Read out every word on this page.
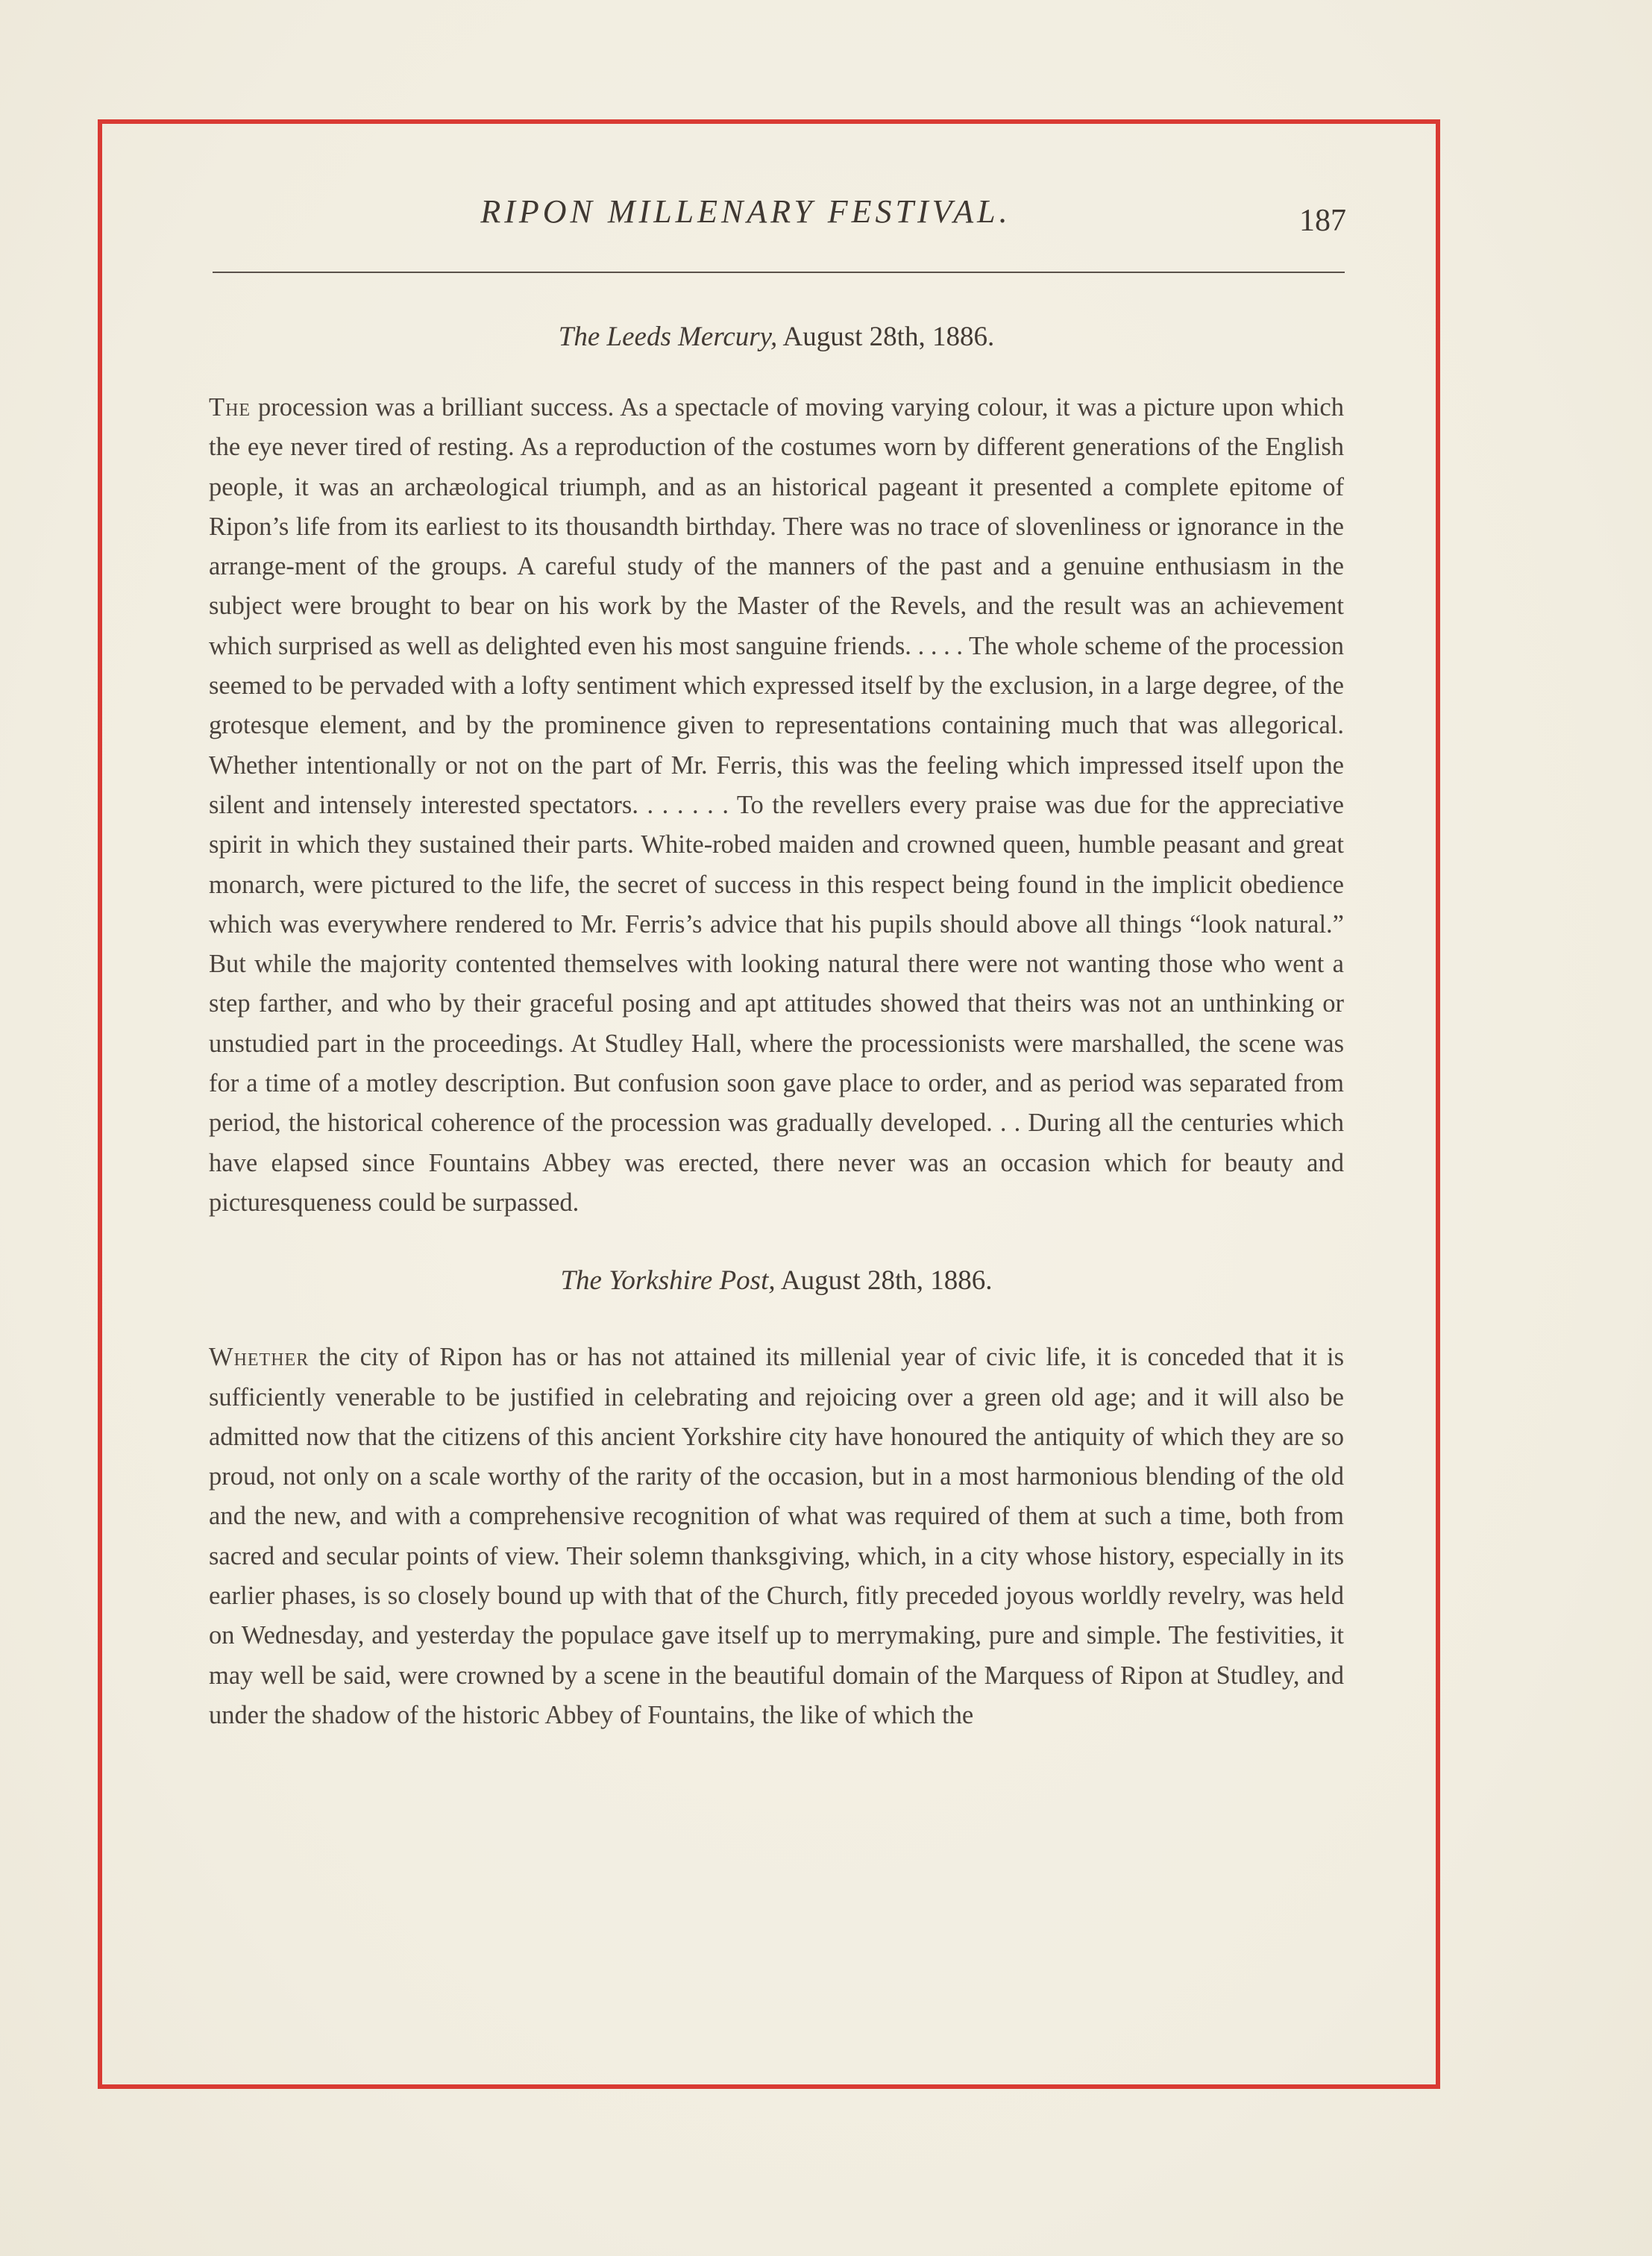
RIPON MILLENARY FESTIVAL.	187
The Leeds Mercury, August 28th, 1886.

The procession was a brilliant success. As a spectacle of moving varying colour, it was a picture upon which the eye never tired of resting. As a reproduction of the costumes worn by different generations of the English people, it was an archæological triumph, and as an historical pageant it presented a complete epitome of Ripon’s life from its earliest to its thousandth birthday. There was no trace of slovenliness or ignorance in the arrange-ment of the groups. A careful study of the manners of the past and a genuine enthusiasm in the subject were brought to bear on his work by the Master of the Revels, and the result was an achievement which surprised as well as delighted even his most sanguine friends. . . . . The whole scheme of the procession seemed to be pervaded with a lofty sentiment which expressed itself by the exclusion, in a large degree, of the grotesque element, and by the prominence given to representations containing much that was allegorical. Whether intentionally or not on the part of Mr. Ferris, this was the feeling which impressed itself upon the silent and intensely interested spectators. . . . . . . To the revellers every praise was due for the appreciative spirit in which they sustained their parts. White-robed maiden and crowned queen, humble peasant and great monarch, were pictured to the life, the secret of success in this respect being found in the implicit obedience which was everywhere rendered to Mr. Ferris’s advice that his pupils should above all things “look natural.” But while the majority contented themselves with looking natural there were not wanting those who went a step farther, and who by their graceful posing and apt attitudes showed that theirs was not an unthinking or unstudied part in the proceedings. At Studley Hall, where the processionists were marshalled, the scene was for a time of a motley description. But confusion soon gave place to order, and as period was separated from period, the historical coherence of the procession was gradually developed. . . During all the centuries which have elapsed since Fountains Abbey was erected, there never was an occasion which for beauty and picturesqueness could be surpassed.

The Yorkshire Post, August 28th, 1886.

Whether the city of Ripon has or has not attained its millenial year of civic life, it is conceded that it is sufficiently venerable to be justified in celebrating and rejoicing over a green old age; and it will also be admitted now that the citizens of this ancient Yorkshire city have honoured the antiquity of which they are so proud, not only on a scale worthy of the rarity of the occasion, but in a most harmonious blending of the old and the new, and with a comprehensive recognition of what was required of them at such a time, both from sacred and secular points of view. Their solemn thanksgiving, which, in a city whose history, especially in its earlier phases, is so closely bound up with that of the Church, fitly preceded joyous worldly revelry, was held on Wednesday, and yesterday the populace gave itself up to merrymaking, pure and simple. The festivities, it may well be said, were crowned by a scene in the beautiful domain of the Marquess of Ripon at Studley, and under the shadow of the historic Abbey of Fountains, the like of which the
